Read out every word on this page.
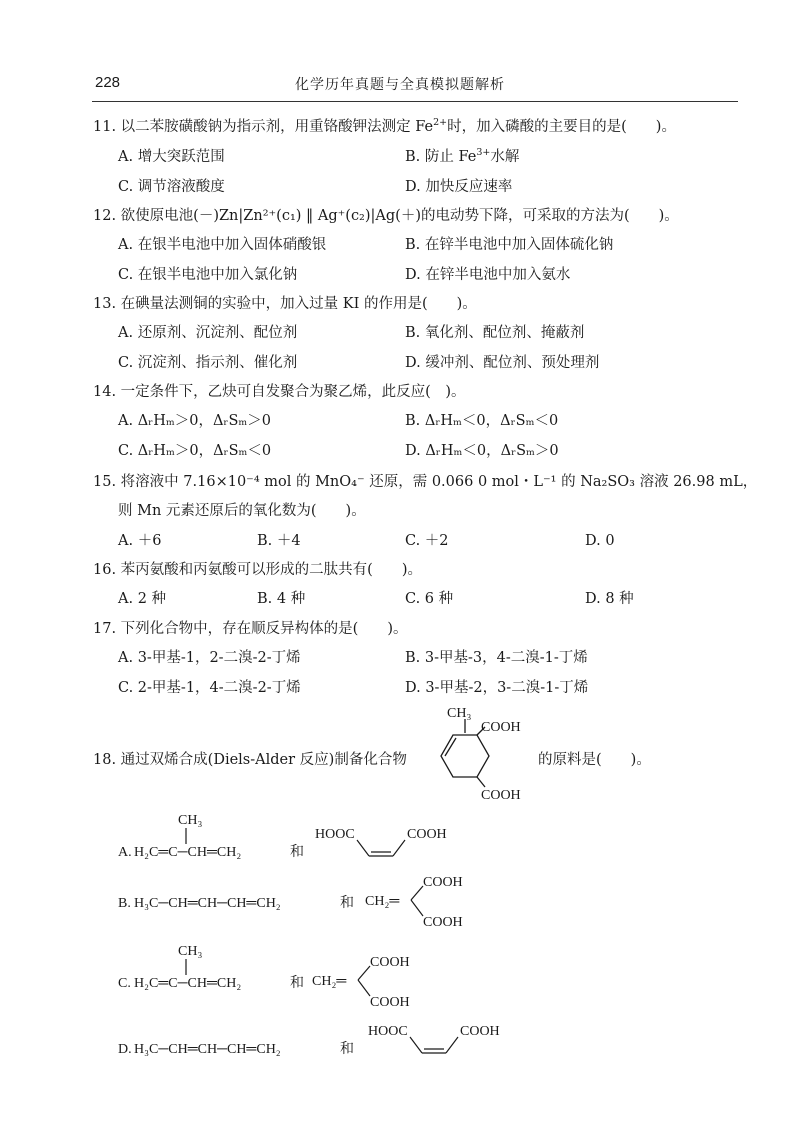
228	化学历年真题与全真模拟题解析
11. 以二苯胺磺酸钠为指示剂，用重铬酸钾法测定 $Fe^{2+}$时，加入磷酸的主要目的是(　　)。
A. 增大突跃范围	B. 防止 $Fe^{3+}$水解
C. 调节溶液酸度	D. 加快反应速率
12. 欲使原电池(－)Zn|Zn²⁺(c₁) ‖ Ag⁺(c₂)|Ag(＋)的电动势下降，可采取的方法为(　　)。
A. 在银半电池中加入固体硝酸银	B. 在锌半电池中加入固体硫化钠
C. 在银半电池中加入氯化钠	D. 在锌半电池中加入氨水
13. 在碘量法测铜的实验中，加入过量 KI 的作用是(　　)。
A. 还原剂、沉淀剂、配位剂	B. 氧化剂、配位剂、掩蔽剂
C. 沉淀剂、指示剂、催化剂	D. 缓冲剂、配位剂、预处理剂
14. 一定条件下，乙炔可自发聚合为聚乙烯，此反应(　)。
A. ΔᵣHₘ＞0，ΔᵣSₘ＞0	B. ΔᵣHₘ＜0，ΔᵣSₘ＜0
C. ΔᵣHₘ＞0，ΔᵣSₘ＜0	D. ΔᵣHₘ＜0，ΔᵣSₘ＞0
15. 将溶液中 7.16×10⁻⁴ mol 的 MnO₄⁻ 还原，需 0.066 0 mol・L⁻¹ 的 Na₂SO₃ 溶液 26.98 mL，
则 Mn 元素还原后的氧化数为(　　)。
A. ＋6	B. ＋4	C. ＋2	D. 0
16. 苯丙氨酸和丙氨酸可以形成的二肽共有(　　)。
A. 2 种	B. 4 种	C. 6 种	D. 8 种
17. 下列化合物中，存在顺反异构体的是(　　)。
A. 3-甲基-1，2-二溴-2-丁烯	B. 3-甲基-3，4-二溴-1-丁烯
C. 2-甲基-1，4-二溴-2-丁烯	D. 3-甲基-2，3-二溴-1-丁烯
18. 通过双烯合成(Diels-Alder 反应)制备化合物	的原料是(　　)。
CH₃
COOH
COOH
A. H₂C═C─CH═CH₂
CH₃
和
HOOC	COOH
B. H₃C─CH═CH─CH═CH₂	和 CH₂═
COOH
COOH
C. H₂C═C─CH═CH₂
CH₃
和 CH₂═
COOH
COOH
D. H₃C─CH═CH─CH═CH₂	和
HOOC	COOH
